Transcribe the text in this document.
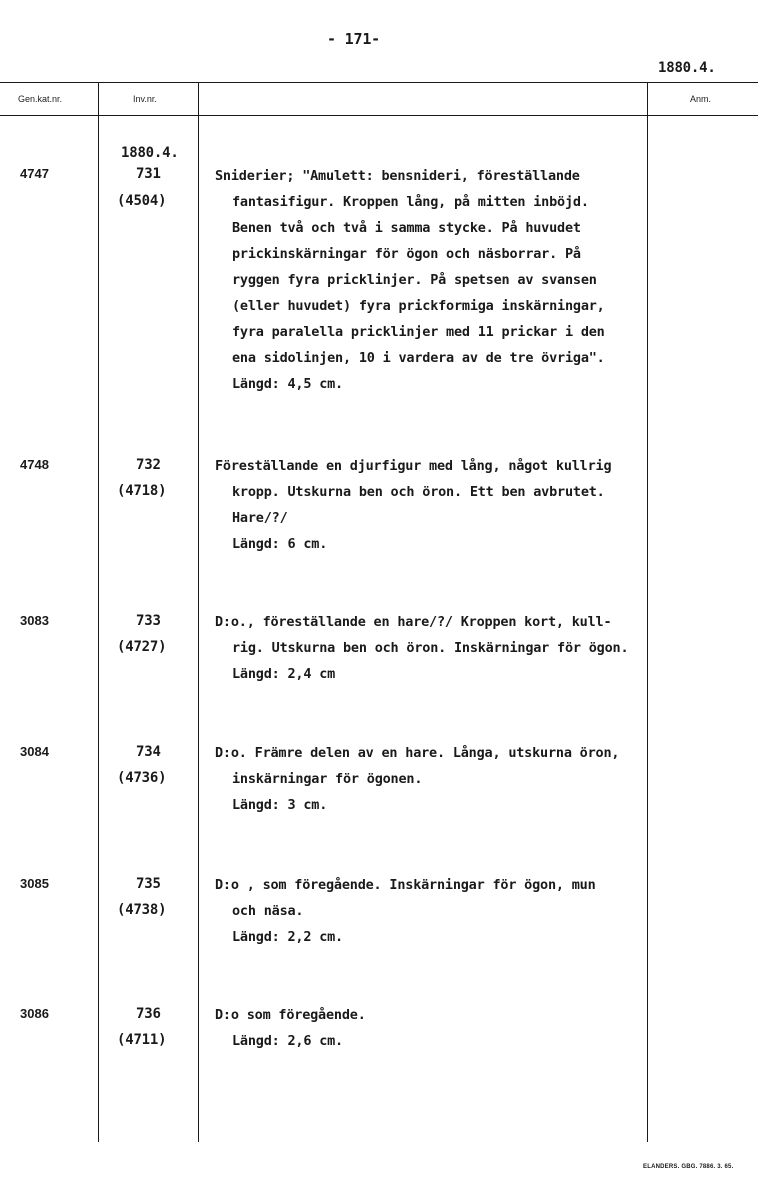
- 171-
1880.4.
Gen.kat.nr.	Inv.nr.	Anm.
1880.4.
4747	731
(4504)
Sniderier; "Amulett: bensnideri, föreställande
fantasifigur. Kroppen lång, på mitten inböjd.
Benen två och två i samma stycke. På huvudet
prickinskärningar för ögon och näsborrar. På
ryggen fyra pricklinjer. På spetsen av svansen
(eller huvudet) fyra prickformiga inskärningar,
fyra paralella pricklinjer med 11 prickar i den
ena sidolinjen, 10 i vardera av de tre övriga".
Längd: 4,5 cm.
4748	732
(4718)
Föreställande en djurfigur med lång, något kullrig
kropp. Utskurna ben och öron. Ett ben avbrutet.
Hare/?/
Längd: 6 cm.
3083	733
(4727)
D:o., föreställande en hare/?/ Kroppen kort, kull-
rig. Utskurna ben och öron. Inskärningar för ögon.
Längd: 2,4 cm
3084	734
(4736)
D:o. Främre delen av en hare. Långa, utskurna öron,
inskärningar för ögonen.
Längd: 3 cm.
3085	735
(4738)
D:o , som föregående. Inskärningar för ögon, mun
och näsa.
Längd: 2,2 cm.
3086	736
(4711)
D:o som föregående.
Längd: 2,6 cm.
ELANDERS. GBG. 7886. 3. 65.
